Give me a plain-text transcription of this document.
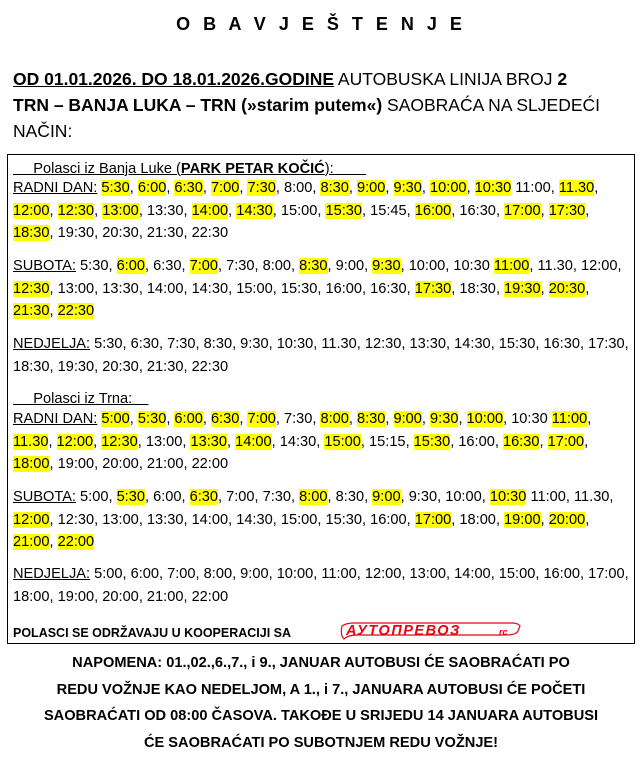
O B A V J E Š T E N J E
OD 01.01.2026. DO 18.01.2026.GODINE AUTOBUSKA LINIJA BROJ 2
TRN – BANJA LUKA – TRN (»starim putem«) SAOBRAĆA NA SLJEDEĆI NAČIN:
Polasci iz Banja Luke (PARK PETAR KOČIĆ):
RADNI DAN: 5:30, 6:00, 6:30, 7:00, 7:30, 8:00, 8:30, 9:00, 9:30, 10:00, 10:30 11:00, 11.30, 12:00, 12:30, 13:00, 13:30, 14:00, 14:30, 15:00, 15:30, 15:45, 16:00, 16:30, 17:00, 17:30, 18:30, 19:30, 20:30, 21:30, 22:30
SUBOTA: 5:30, 6:00, 6:30, 7:00, 7:30, 8:00, 8:30, 9:00, 9:30, 10:00, 10:30 11:00, 11.30, 12:00, 12:30, 13:00, 13:30, 14:00, 14:30, 15:00, 15:30, 16:00, 16:30, 17:30, 18:30, 19:30, 20:30, 21:30, 22:30
NEDJELJA: 5:30, 6:30, 7:30, 8:30, 9:30, 10:30, 11.30, 12:30, 13:30, 14:30, 15:30, 16:30, 17:30, 18:30, 19:30, 20:30, 21:30, 22:30
Polasci iz Trna:
RADNI DAN: 5:00, 5:30, 6:00, 6:30, 7:00, 7:30, 8:00, 8:30, 9:00, 9:30, 10:00, 10:30 11:00, 11.30, 12:00, 12:30, 13:00, 13:30, 14:00, 14:30, 15:00, 15:15, 15:30, 16:00, 16:30, 17:00, 18:00, 19:00, 20:00, 21:00, 22:00
SUBOTA: 5:00, 5:30, 6:00, 6:30, 7:00, 7:30, 8:00, 8:30, 9:00, 9:30, 10:00, 10:30 11:00, 11.30, 12:00, 12:30, 13:00, 13:30, 14:00, 14:30, 15:00, 15:30, 16:00, 17:00, 18:00, 19:00, 20:00, 21:00, 22:00
NEDJELJA: 5:00, 6:00, 7:00, 8:00, 9:00, 10:00, 11:00, 12:00, 13:00, 14:00, 15:00, 16:00, 17:00, 18:00, 19:00, 20:00, 21:00, 22:00
POLASCI SE ODRŽAVAJU U KOOPERACIJI SA	АУТОПРЕВОЗ	rc
NAPOMENA: 01.,02.,6.,7., i 9., JANUAR AUTOBUSI ĆE SAOBRAĆATI PO
REDU VOŽNJE KAO NEDELJOM, A 1., i 7., JANUARA AUTOBUSI ĆE POČETI
SAOBRAĆATI OD 08:00 ČASOVA. TAKOĐE U SRIJEDU 14 JANUARA AUTOBUSI
ĆE SAOBRAĆATI PO SUBOTNJEM REDU VOŽNJE!
